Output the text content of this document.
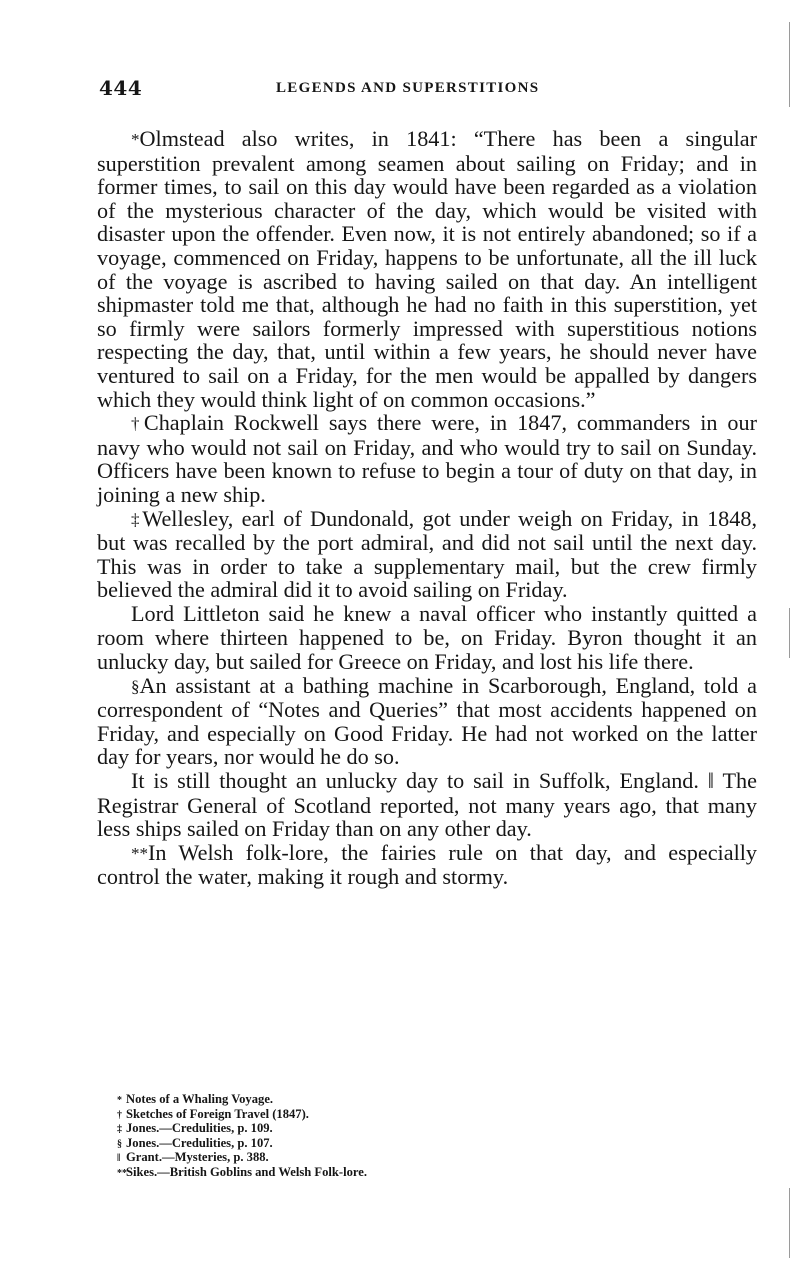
444	LEGENDS AND SUPERSTITIONS

*Olmstead also writes, in 1841: “There has been a singular superstition prevalent among seamen about sailing on Friday; and in former times, to sail on this day would have been regarded as a violation of the mysterious character of the day, which would be visited with disaster upon the offender. Even now, it is not entirely abandoned; so if a voyage, commenced on Friday, happens to be unfortunate, all the ill luck of the voyage is ascribed to having sailed on that day. An intelligent shipmaster told me that, although he had no faith in this superstition, yet so firmly were sailors formerly impressed with superstitious notions respecting the day, that, until within a few years, he should never have ventured to sail on a Friday, for the men would be appalled by dangers which they would think light of on common occasions.”

†Chaplain Rockwell says there were, in 1847, commanders in our navy who would not sail on Friday, and who would try to sail on Sunday. Officers have been known to refuse to begin a tour of duty on that day, in joining a new ship.

‡Wellesley, earl of Dundonald, got under weigh on Friday, in 1848, but was recalled by the port admiral, and did not sail until the next day. This was in order to take a supplementary mail, but the crew firmly believed the admiral did it to avoid sailing on Friday.

Lord Littleton said he knew a naval officer who instantly quitted a room where thirteen happened to be, on Friday. Byron thought it an unlucky day, but sailed for Greece on Friday, and lost his life there.

§An assistant at a bathing machine in Scarborough, England, told a correspondent of “Notes and Queries” that most accidents happened on Friday, and especially on Good Friday. He had not worked on the latter day for years, nor would he do so.

It is still thought an unlucky day to sail in Suffolk, England. ‖ The Registrar General of Scotland reported, not many years ago, that many less ships sailed on Friday than on any other day.

**In Welsh folk-lore, the fairies rule on that day, and especially control the water, making it rough and stormy.

* Notes of a Whaling Voyage.
† Sketches of Foreign Travel (1847).
‡ Jones.—Credulities, p. 109.
§ Jones.—Credulities, p. 107.
‖ Grant.—Mysteries, p. 388.
**Sikes.—British Goblins and Welsh Folk-lore.
